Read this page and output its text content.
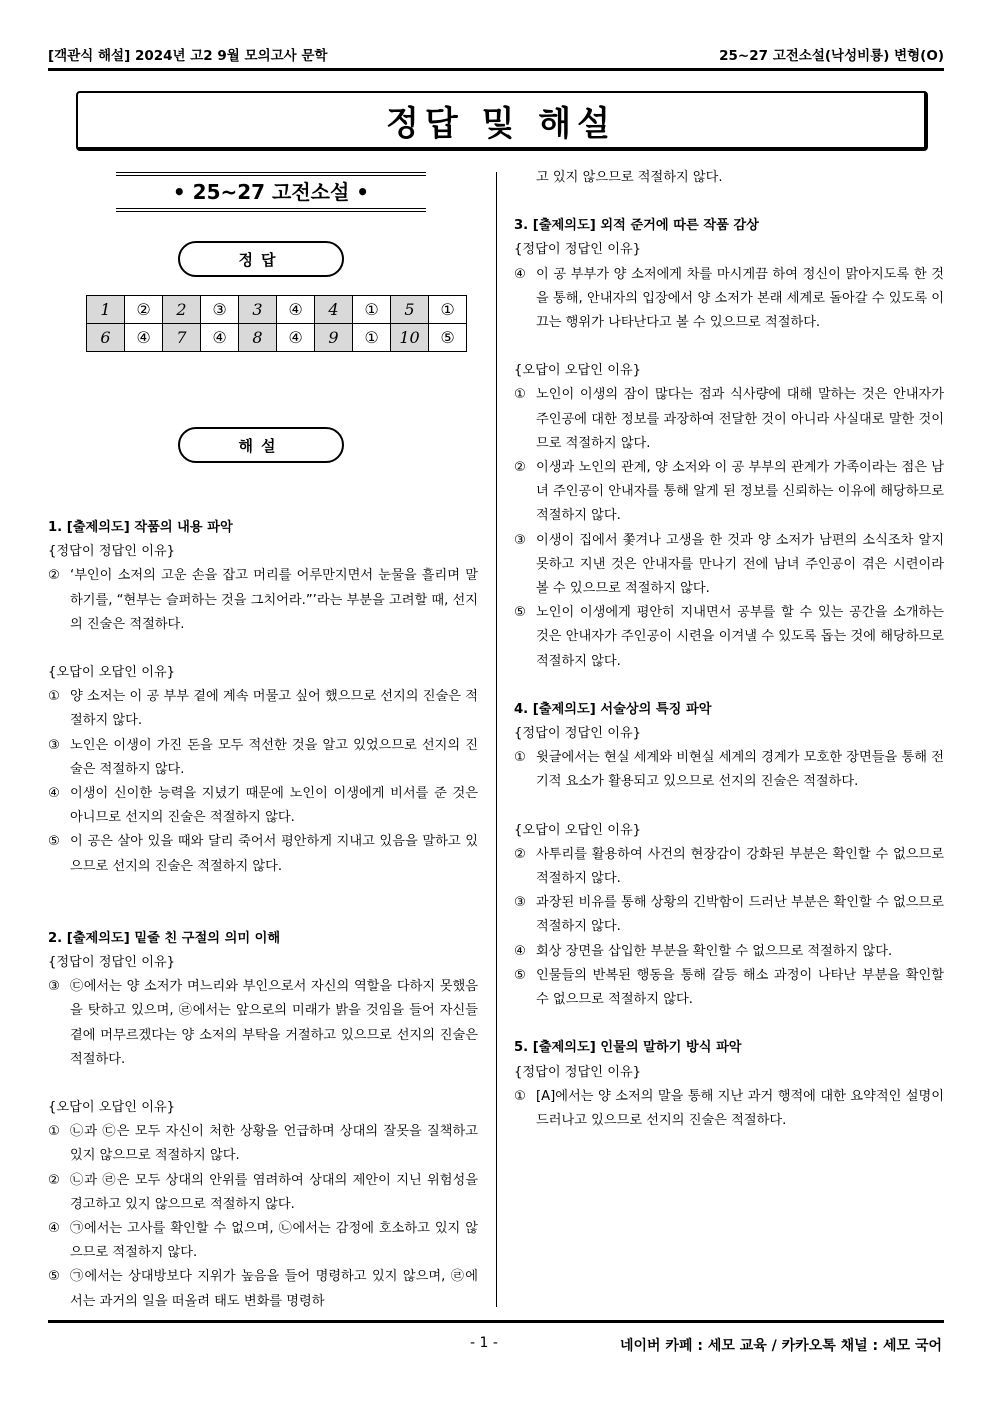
[객관식 해설] 2024년 고2 9월 모의고사 문학	25~27 고전소설(낙성비룡) 변형(O)
정답 및 해설
• 25~27 고전소설 •
정답
1	②	2	③	3	④	4	①	5	①
6	④	7	④	8	④	9	①	10	⑤
해설
1. [출제의도] 작품의 내용 파악
{정답이 정답인 이유}
② ‘부인이 소저의 고운 손을 잡고 머리를 어루만지면서 눈물을 흘리며 말하기를, “현부는 슬퍼하는 것을 그치어라.”’라는 부분을 고려할 때, 선지의 진술은 적절하다.
{오답이 오답인 이유}
① 양 소저는 이 공 부부 곁에 계속 머물고 싶어 했으므로 선지의 진술은 적절하지 않다.
③ 노인은 이생이 가진 돈을 모두 적선한 것을 알고 있었으므로 선지의 진술은 적절하지 않다.
④ 이생이 신이한 능력을 지녔기 때문에 노인이 이생에게 비서를 준 것은 아니므로 선지의 진술은 적절하지 않다.
⑤ 이 공은 살아 있을 때와 달리 죽어서 평안하게 지내고 있음을 말하고 있으므로 선지의 진술은 적절하지 않다.
2. [출제의도] 밑줄 친 구절의 의미 이해
{정답이 정답인 이유}
③ ㉢에서는 양 소저가 며느리와 부인으로서 자신의 역할을 다하지 못했음을 탓하고 있으며, ㉣에서는 앞으로의 미래가 밝을 것임을 들어 자신들 곁에 머무르겠다는 양 소저의 부탁을 거절하고 있으므로 선지의 진술은 적절하다.
{오답이 오답인 이유}
① ㉡과 ㉢은 모두 자신이 처한 상황을 언급하며 상대의 잘못을 질책하고 있지 않으므로 적절하지 않다.
② ㉡과 ㉣은 모두 상대의 안위를 염려하여 상대의 제안이 지닌 위험성을 경고하고 있지 않으므로 적절하지 않다.
④ ㉠에서는 고사를 확인할 수 없으며, ㉡에서는 감정에 호소하고 있지 않으므로 적절하지 않다.
⑤ ㉠에서는 상대방보다 지위가 높음을 들어 명령하고 있지 않으며, ㉣에서는 과거의 일을 떠올려 태도 변화를 명령하
고 있지 않으므로 적절하지 않다.
3. [출제의도] 외적 준거에 따른 작품 감상
{정답이 정답인 이유}
④ 이 공 부부가 양 소저에게 차를 마시게끔 하여 정신이 맑아지도록 한 것을 통해, 안내자의 입장에서 양 소저가 본래 세계로 돌아갈 수 있도록 이끄는 행위가 나타난다고 볼 수 있으므로 적절하다.
{오답이 오답인 이유}
① 노인이 이생의 잠이 많다는 점과 식사량에 대해 말하는 것은 안내자가 주인공에 대한 정보를 과장하여 전달한 것이 아니라 사실대로 말한 것이므로 적절하지 않다.
② 이생과 노인의 관계, 양 소저와 이 공 부부의 관계가 가족이라는 점은 남녀 주인공이 안내자를 통해 알게 된 정보를 신뢰하는 이유에 해당하므로 적절하지 않다.
③ 이생이 집에서 쫓겨나 고생을 한 것과 양 소저가 남편의 소식조차 알지 못하고 지낸 것은 안내자를 만나기 전에 남녀 주인공이 겪은 시련이라 볼 수 있으므로 적절하지 않다.
⑤ 노인이 이생에게 평안히 지내면서 공부를 할 수 있는 공간을 소개하는 것은 안내자가 주인공이 시련을 이겨낼 수 있도록 돕는 것에 해당하므로 적절하지 않다.
4. [출제의도] 서술상의 특징 파악
{정답이 정답인 이유}
① 윗글에서는 현실 세계와 비현실 세계의 경계가 모호한 장면들을 통해 전기적 요소가 활용되고 있으므로 선지의 진술은 적절하다.
{오답이 오답인 이유}
② 사투리를 활용하여 사건의 현장감이 강화된 부분은 확인할 수 없으므로 적절하지 않다.
③ 과장된 비유를 통해 상황의 긴박함이 드러난 부분은 확인할 수 없으므로 적절하지 않다.
④ 회상 장면을 삽입한 부분을 확인할 수 없으므로 적절하지 않다.
⑤ 인물들의 반복된 행동을 통해 갈등 해소 과정이 나타난 부분을 확인할 수 없으므로 적절하지 않다.
5. [출제의도] 인물의 말하기 방식 파악
{정답이 정답인 이유}
① [A]에서는 양 소저의 말을 통해 지난 과거 행적에 대한 요약적인 설명이 드러나고 있으므로 선지의 진술은 적절하다.
- 1 -	네이버 카페 : 세모 교육 / 카카오톡 채널 : 세모 국어
